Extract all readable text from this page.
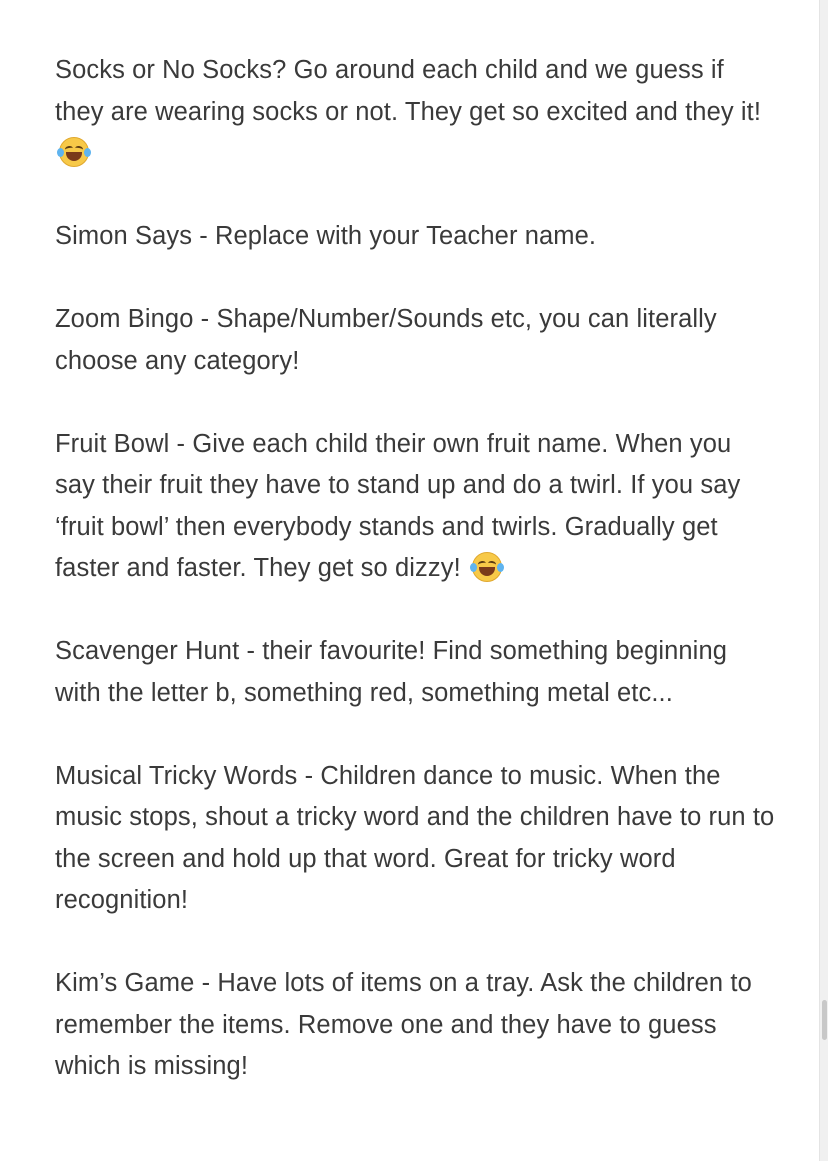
Socks or No Socks? Go around each child and we guess if they are wearing socks or not. They get so excited and they it!

Simon Says - Replace with your Teacher name.

Zoom Bingo - Shape/Number/Sounds etc, you can literally choose any category!

Fruit Bowl - Give each child their own fruit name. When you say their fruit they have to stand up and do a twirl. If you say ‘fruit bowl’ then everybody stands and twirls. Gradually get faster and faster. They get so dizzy!

Scavenger Hunt - their favourite! Find something beginning with the letter b, something red, something metal etc...

Musical Tricky Words - Children dance to music. When the music stops, shout a tricky word and the children have to run to the screen and hold up that word. Great for tricky word recognition!

Kim’s Game - Have lots of items on a tray. Ask the children to remember the items. Remove one and they have to guess which is missing!
